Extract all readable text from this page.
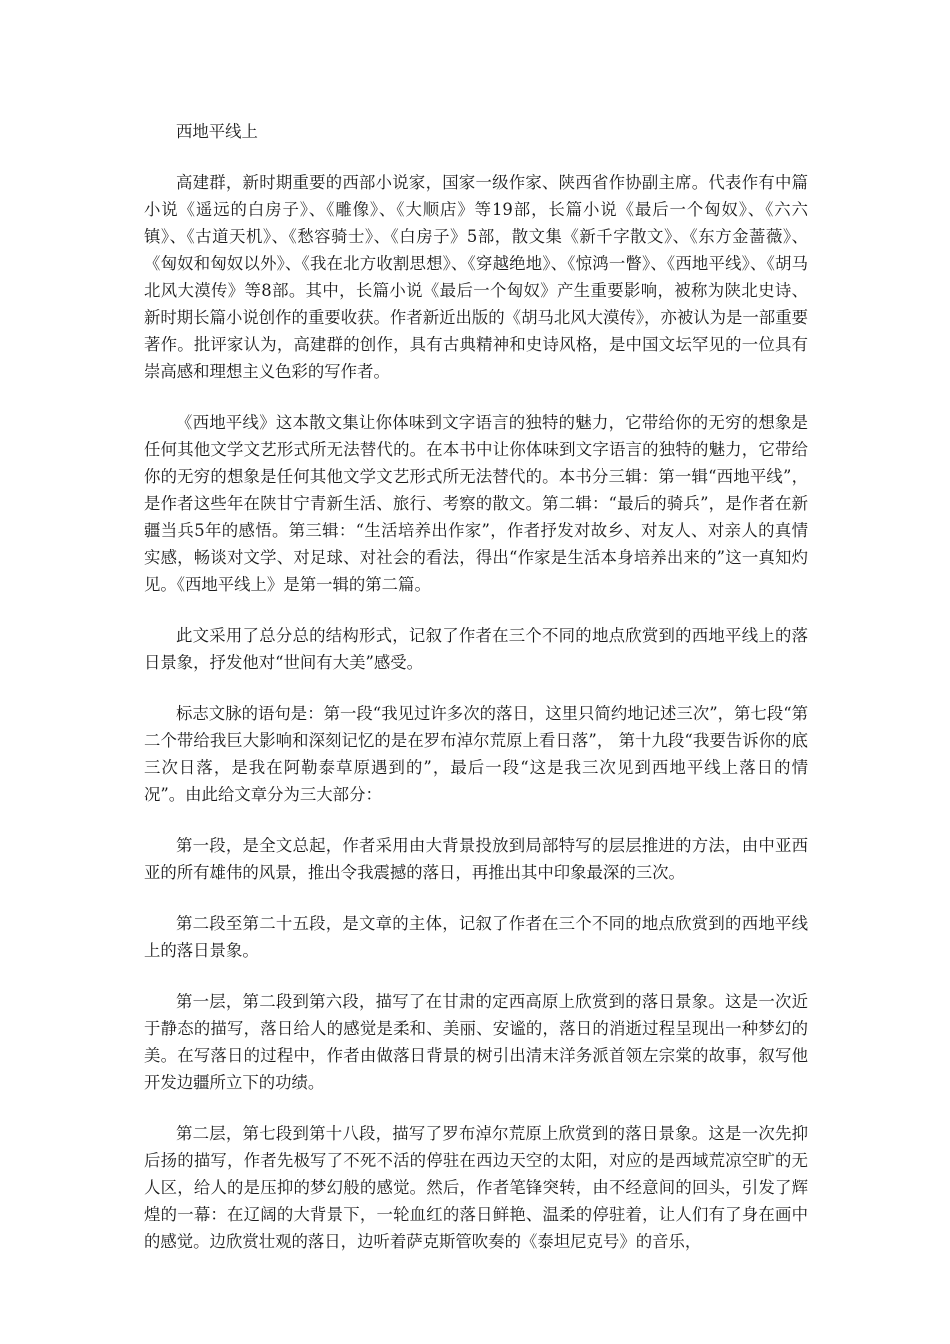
西地平线上

高建群，新时期重要的西部小说家，国家一级作家、陕西省作协副主席。代表作有中篇小说《遥远的白房子》、《雕像》、《大顺店》等19部，长篇小说《最后一个匈奴》、《六六镇》、《古道天机》、《愁容骑士》、《白房子》5部，散文集《新千字散文》、《东方金蔷薇》、《匈奴和匈奴以外》、《我在北方收割思想》、《穿越绝地》、《惊鸿一瞥》、《西地平线》、《胡马北风大漠传》等8部。其中，长篇小说《最后一个匈奴》产生重要影响，被称为陕北史诗、新时期长篇小说创作的重要收获。作者新近出版的《胡马北风大漠传》，亦被认为是一部重要著作。批评家认为，高建群的创作，具有古典精神和史诗风格，是中国文坛罕见的一位具有崇高感和理想主义色彩的写作者。

《西地平线》这本散文集让你体味到文字语言的独特的魅力，它带给你的无穷的想象是任何其他文学文艺形式所无法替代的。在本书中让你体味到文字语言的独特的魅力，它带给你的无穷的想象是任何其他文学文艺形式所无法替代的。本书分三辑：第一辑“西地平线”，是作者这些年在陕甘宁青新生活、旅行、考察的散文。第二辑：“最后的骑兵”，是作者在新疆当兵5年的感悟。第三辑：“生活培养出作家”，作者抒发对故乡、对友人、对亲人的真情实感，畅谈对文学、对足球、对社会的看法，得出“作家是生活本身培养出来的”这一真知灼见。《西地平线上》是第一辑的第二篇。

此文采用了总分总的结构形式，记叙了作者在三个不同的地点欣赏到的西地平线上的落日景象，抒发他对“世间有大美”感受。

标志文脉的语句是：第一段“我见过许多次的落日，这里只简约地记述三次”，第七段“第二个带给我巨大影响和深刻记忆的是在罗布淖尔荒原上看日落”， 第十九段“我要告诉你的底三次日落，是我在阿勒泰草原遇到的”，最后一段“这是我三次见到西地平线上落日的情况”。由此给文章分为三大部分：

第一段，是全文总起，作者采用由大背景投放到局部特写的层层推进的方法，由中亚西亚的所有雄伟的风景，推出令我震撼的落日，再推出其中印象最深的三次。

第二段至第二十五段，是文章的主体，记叙了作者在三个不同的地点欣赏到的西地平线上的落日景象。

第一层，第二段到第六段，描写了在甘肃的定西高原上欣赏到的落日景象。这是一次近于静态的描写，落日给人的感觉是柔和、美丽、安谧的，落日的消逝过程呈现出一种梦幻的美。在写落日的过程中，作者由做落日背景的树引出清末洋务派首领左宗棠的故事，叙写他开发边疆所立下的功绩。

第二层，第七段到第十八段，描写了罗布淖尔荒原上欣赏到的落日景象。这是一次先抑后扬的描写，作者先极写了不死不活的停驻在西边天空的太阳，对应的是西域荒凉空旷的无人区，给人的是压抑的梦幻般的感觉。然后，作者笔锋突转，由不经意间的回头，引发了辉煌的一幕：在辽阔的大背景下，一轮血红的落日鲜艳、温柔的停驻着，让人们有了身在画中的感觉。边欣赏壮观的落日，边听着萨克斯管吹奏的《泰坦尼克号》的音乐，
